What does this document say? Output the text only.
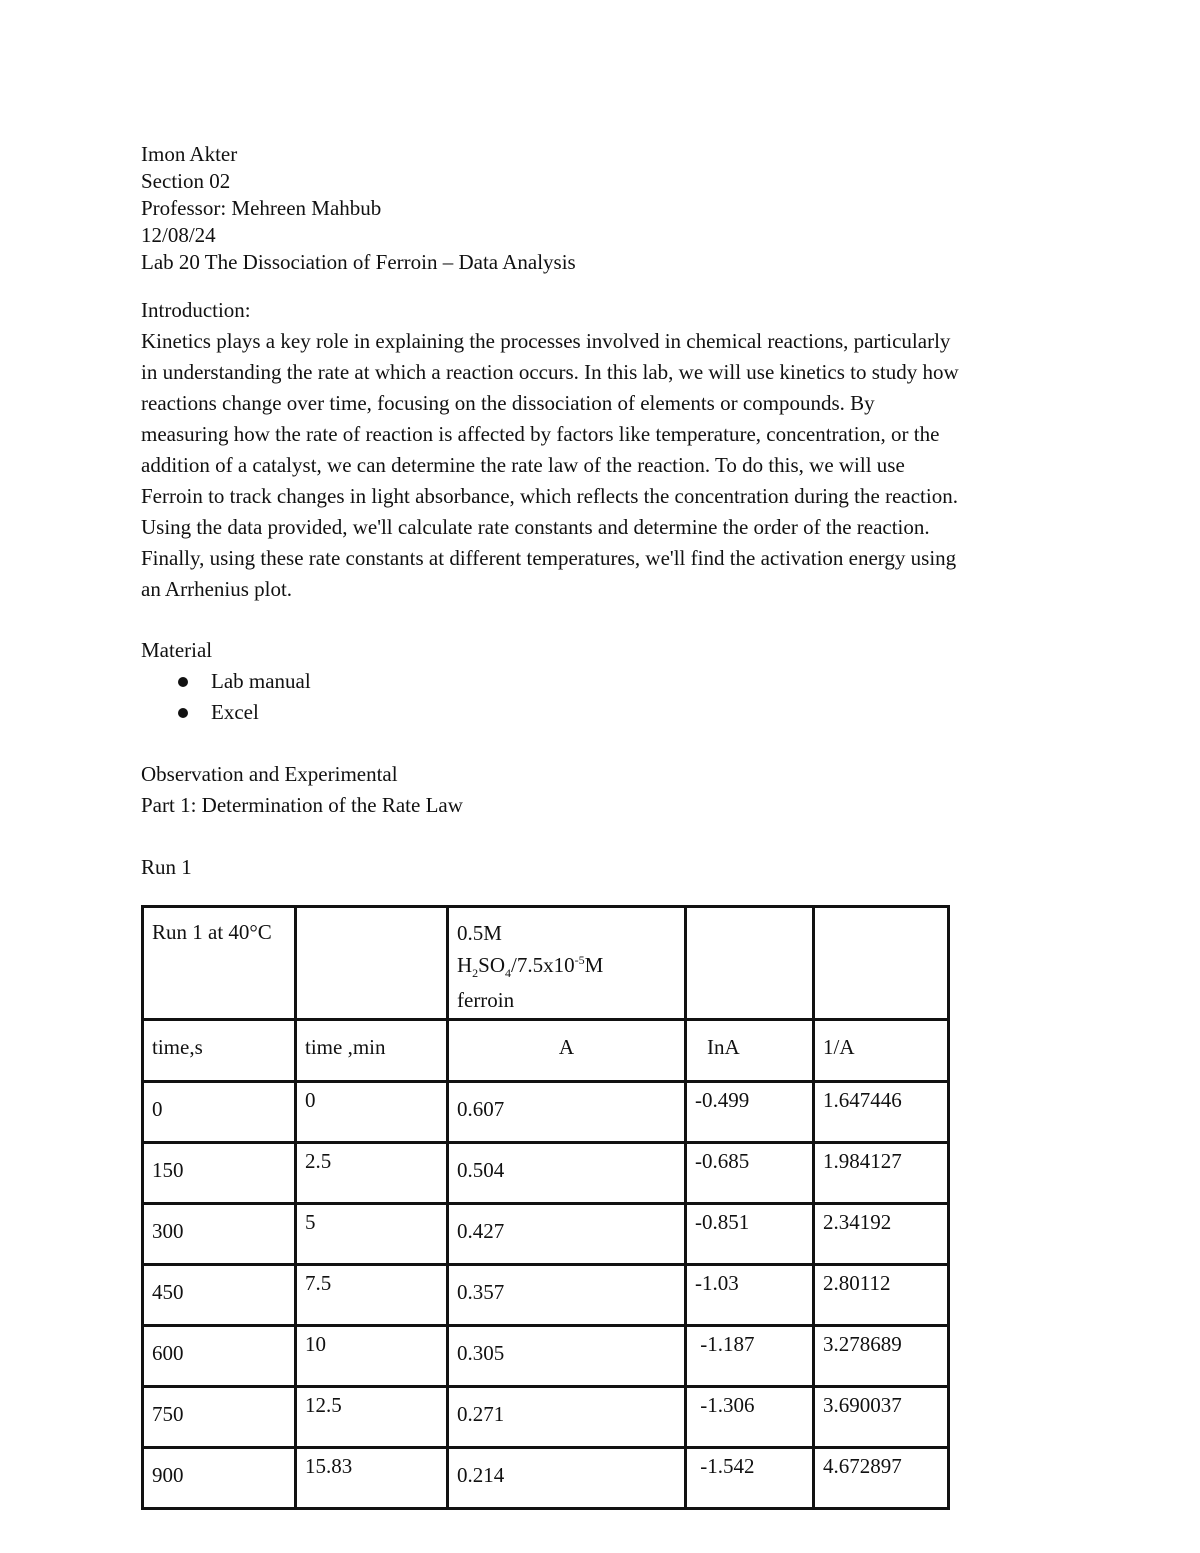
Imon Akter
Section 02
Professor: Mehreen Mahbub
12/08/24
Lab 20 The Dissociation of Ferroin – Data Analysis
Introduction:
Kinetics plays a key role in explaining the processes involved in chemical reactions, particularly
in understanding the rate at which a reaction occurs. In this lab, we will use kinetics to study how
reactions change over time, focusing on the dissociation of elements or compounds. By
measuring how the rate of reaction is affected by factors like temperature, concentration, or the
addition of a catalyst, we can determine the rate law of the reaction. To do this, we will use
Ferroin to track changes in light absorbance, which reflects the concentration during the reaction.
Using the data provided, we'll calculate rate constants and determine the order of the reaction.
Finally, using these rate constants at different temperatures, we'll find the activation energy using
an Arrhenius plot.
Material
Lab manual
Excel
Observation and Experimental
Part 1: Determination of the Rate Law
Run 1
Run 1 at 40°C		0.5M
$H_2SO_4/7.5x10^{-5}M$
ferroin		

time,s	time ,min	A	InA	1/A
0	0	0.607	-0.499	1.647446
150	2.5	0.504	-0.685	1.984127
300	5	0.427	-0.851	2.34192
450	7.5	0.357	-1.03	2.80112
600	10	0.305	-1.187	3.278689
750	12.5	0.271	-1.306	3.690037
900	15.83	0.214	-1.542	4.672897
